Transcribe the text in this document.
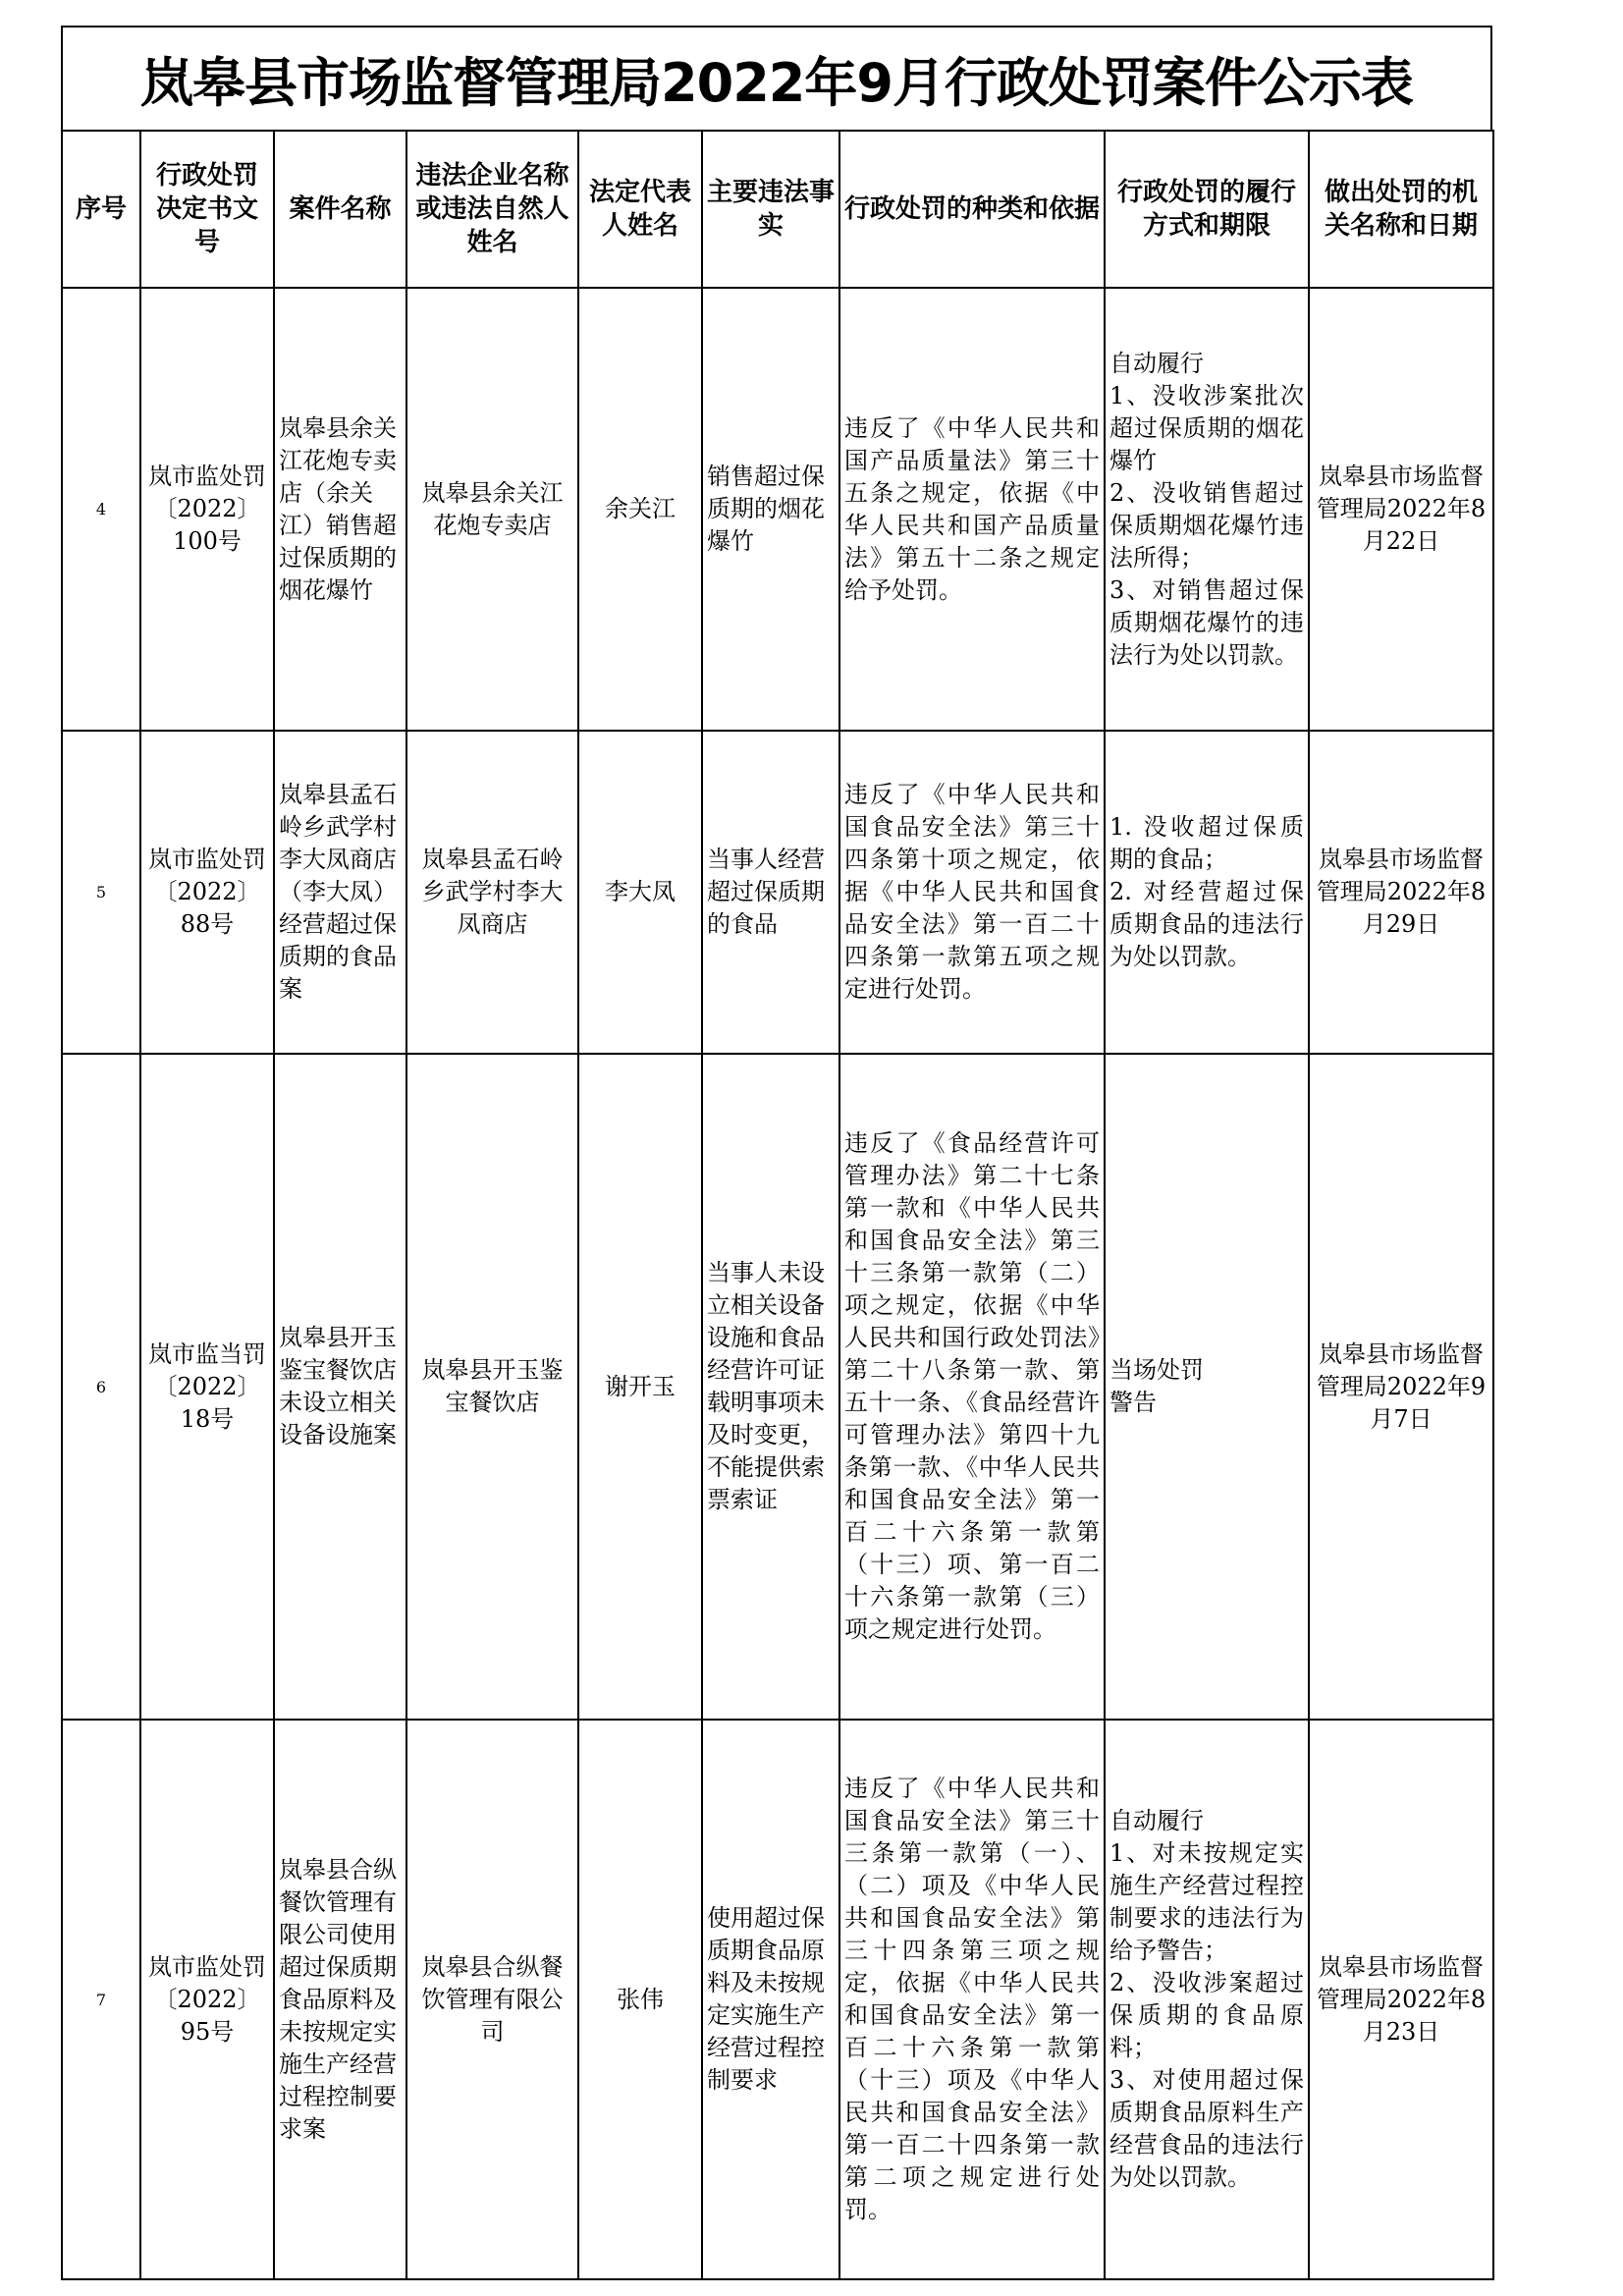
岚皋县市场监督管理局2022年9月行政处罚案件公示表
序号	行政处罚决定书文号	案件名称	违法企业名称或违法自然人姓名	法定代表人姓名	主要违法事实	行政处罚的种类和依据	行政处罚的履行方式和期限	做出处罚的机关名称和日期
4	岚市监处罚〔2022〕100号	岚皋县余关江花炮专卖店（余关江）销售超过保质期的烟花爆竹	岚皋县余关江花炮专卖店	余关江	销售超过保质期的烟花爆竹	违反了《中华人民共和国产品质量法》第三十五条之规定，依据《中华人民共和国产品质量法》第五十二条之规定给予处罚。	自动履行
1、没收涉案批次超过保质期的烟花爆竹
2、没收销售超过保质期烟花爆竹违法所得；
3、对销售超过保质期烟花爆竹的违法行为处以罚款。	岚皋县市场监督管理局2022年8月22日
5	岚市监处罚〔2022〕88号	岚皋县孟石岭乡武学村李大凤商店（李大凤）经营超过保质期的食品案	岚皋县孟石岭乡武学村李大凤商店	李大凤	当事人经营超过保质期的食品	违反了《中华人民共和国食品安全法》第三十四条第十项之规定，依据《中华人民共和国食品安全法》第一百二十四条第一款第五项之规定进行处罚。	1. 没收超过保质期的食品；
2. 对经营超过保质期食品的违法行为处以罚款。	岚皋县市场监督管理局2022年8月29日
6	岚市监当罚〔2022〕18号	岚皋县开玉鉴宝餐饮店未设立相关设备设施案	岚皋县开玉鉴宝餐饮店	谢开玉	当事人未设立相关设备设施和食品经营许可证载明事项未及时变更，不能提供索票索证	违反了《食品经营许可管理办法》第二十七条第一款和《中华人民共和国食品安全法》第三十三条第一款第（二）项之规定，依据《中华人民共和国行政处罚法》第二十八条第一款、第五十一条、《食品经营许可管理办法》第四十九条第一款、《中华人民共和国食品安全法》第一百二十六条第一款第（十三）项、第一百二十六条第一款第（三）项之规定进行处罚。	当场处罚
警告	岚皋县市场监督管理局2022年9月7日
7	岚市监处罚〔2022〕95号	岚皋县合纵餐饮管理有限公司使用超过保质期食品原料及未按规定实施生产经营过程控制要求案	岚皋县合纵餐饮管理有限公司	张伟	使用超过保质期食品原料及未按规定实施生产经营过程控制要求	违反了《中华人民共和国食品安全法》第三十三条第一款第（一）、（二）项及《中华人民共和国食品安全法》第三十四条第三项之规定，依据《中华人民共和国食品安全法》第一百二十六条第一款第（十三）项及《中华人民共和国食品安全法》第一百二十四条第一款第二项之规定进行处罚。	自动履行
1、对未按规定实施生产经营过程控制要求的违法行为给予警告；
2、没收涉案超过保质期的食品原料；
3、对使用超过保质期食品原料生产经营食品的违法行为处以罚款。	岚皋县市场监督管理局2022年8月23日
